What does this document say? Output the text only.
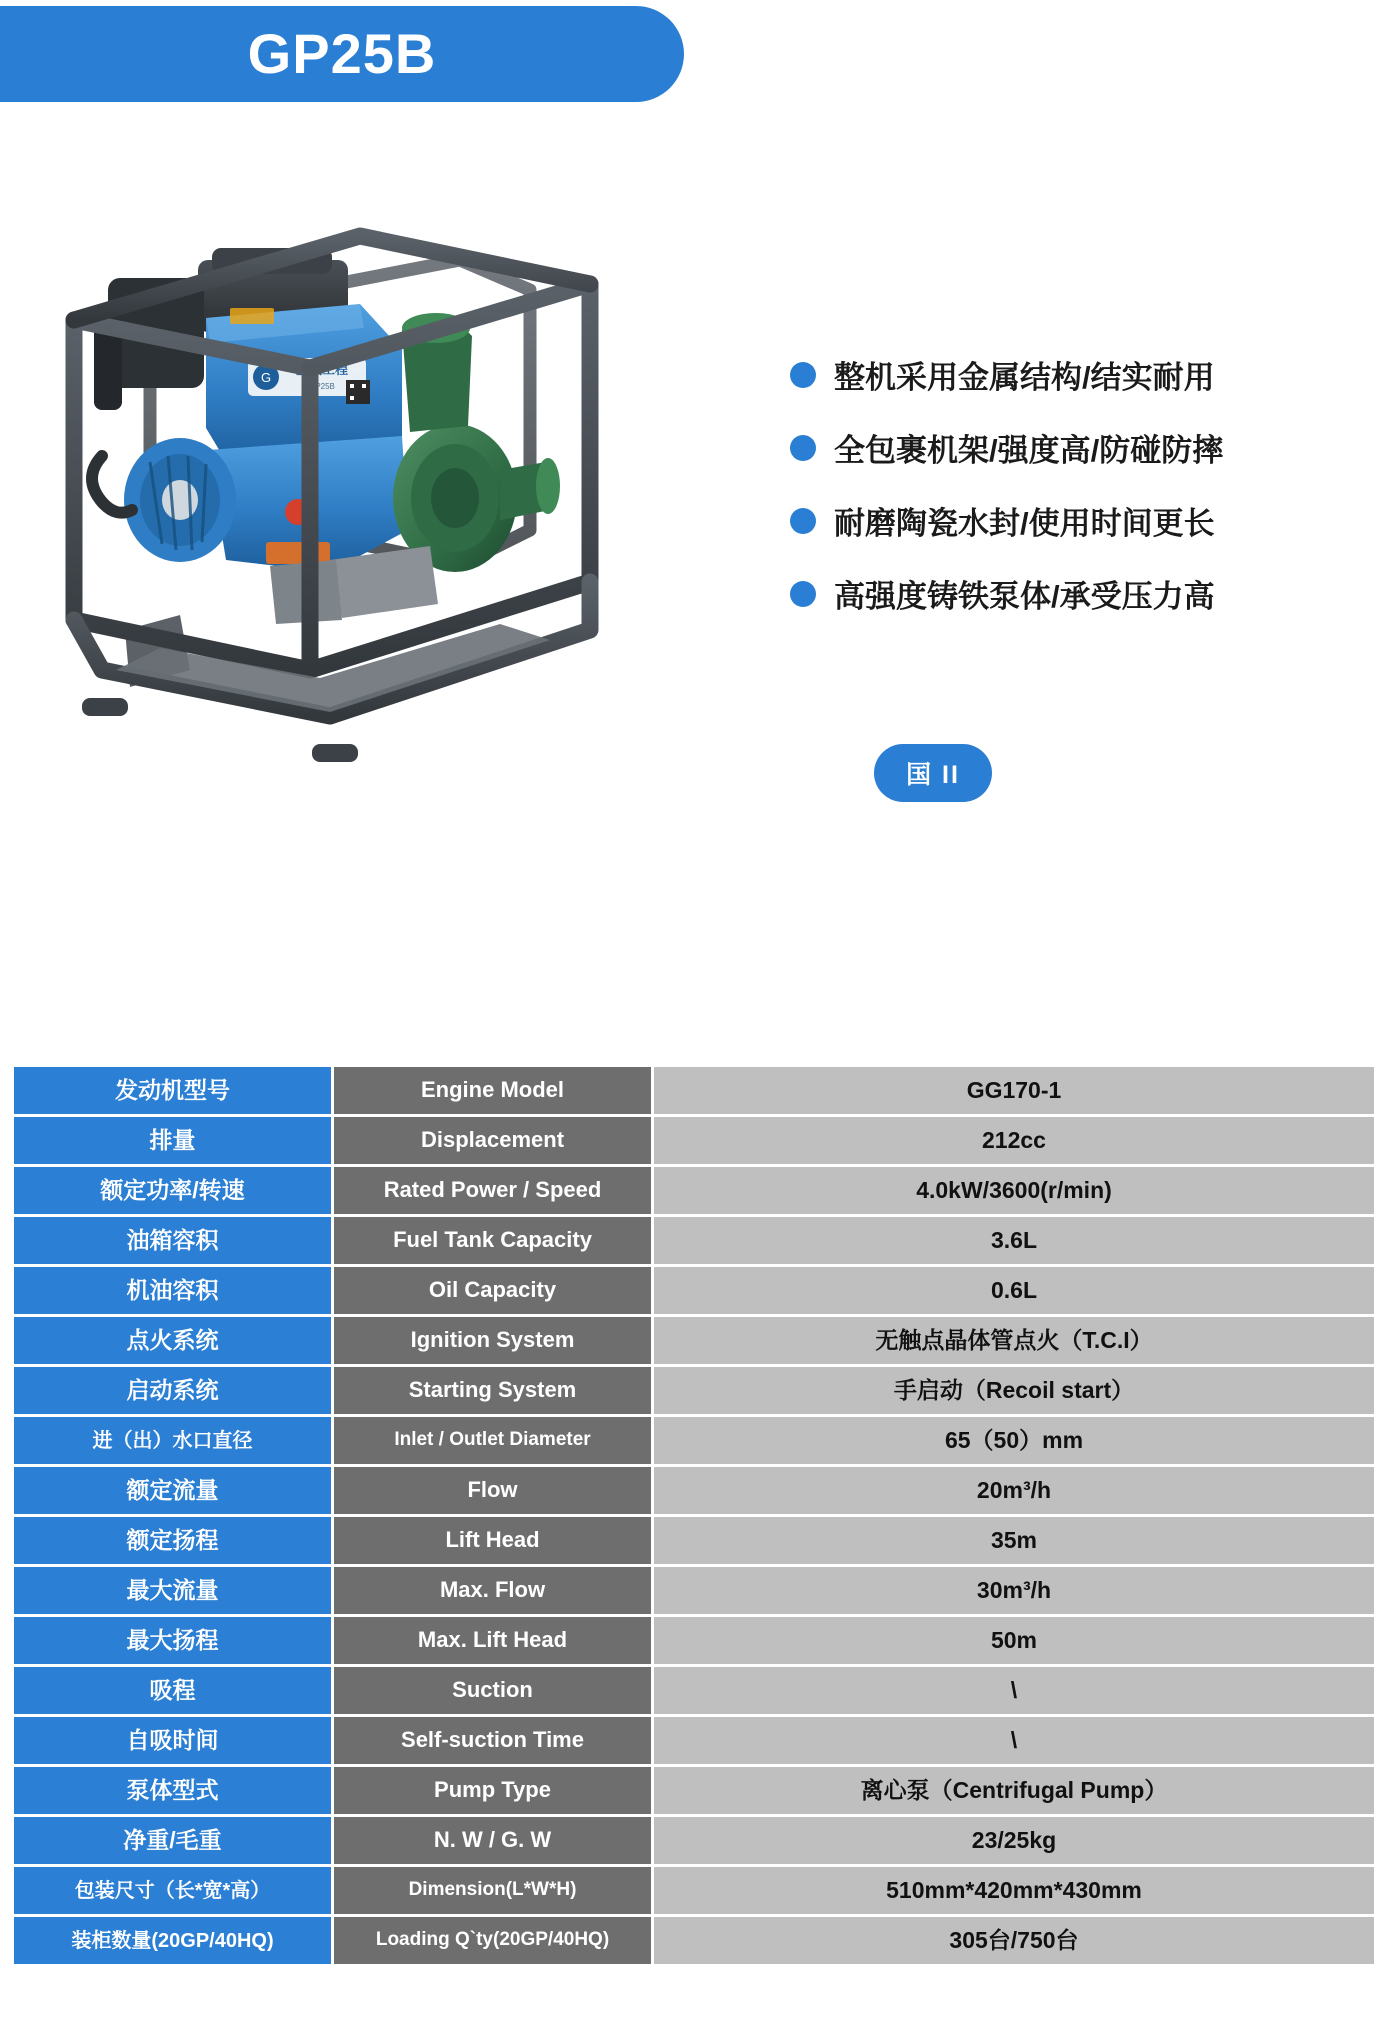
GP25B
G
重庆工程
GP25B	整机采用金属结构/结实耐用
全包裹机架/强度高/防碰防摔
耐磨陶瓷水封/使用时间更长
高强度铸铁泵体/承受压力高
国 II
发动机型号	Engine Model	GG170-1
排量	Displacement	212cc
额定功率/转速	Rated Power / Speed	4.0kW/3600(r/min)
油箱容积	Fuel Tank Capacity	3.6L
机油容积	Oil Capacity	0.6L
点火系统	Ignition System	无触点晶体管点火（T.C.I）
启动系统	Starting System	手启动（Recoil start）
进（出）水口直径	Inlet / Outlet Diameter	65（50）mm
额定流量	Flow	20m³/h
额定扬程	Lift Head	35m
最大流量	Max. Flow	30m³/h
最大扬程	Max. Lift Head	50m
吸程	Suction	\
自吸时间	Self-suction Time	\
泵体型式	Pump Type	离心泵（Centrifugal Pump）
净重/毛重	N. W / G. W	23/25kg
包装尺寸（长*宽*高）	Dimension(L*W*H)	510mm*420mm*430mm
装柜数量(20GP/40HQ)	Loading Q`ty(20GP/40HQ)	305台/750台
